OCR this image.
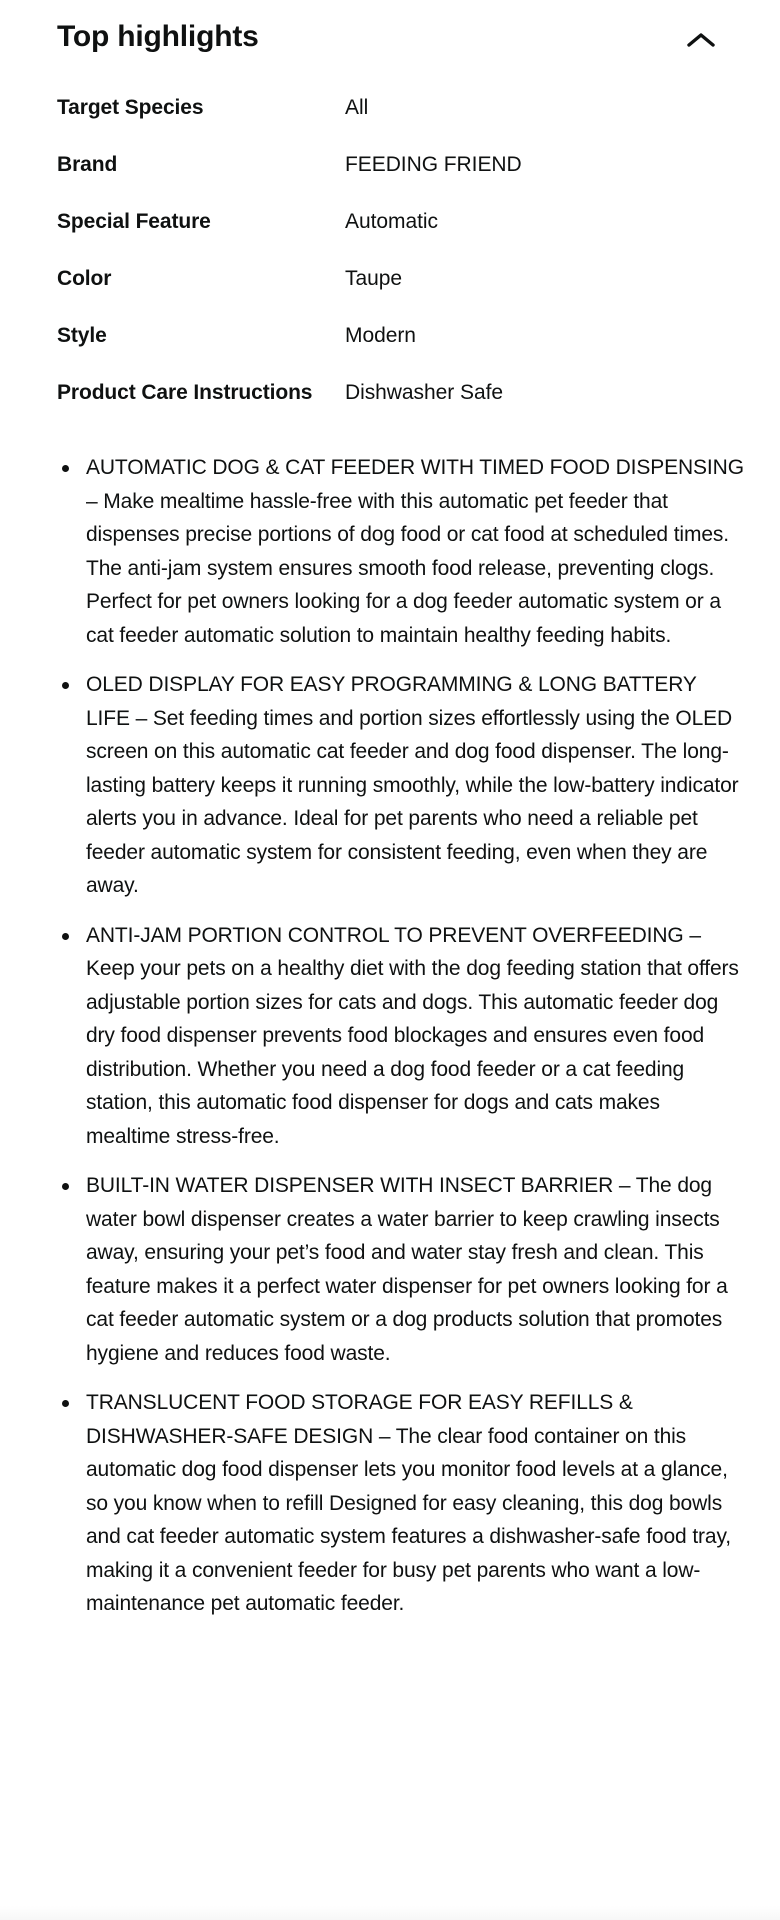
Top highlights
Target Species	All
Brand	FEEDING FRIEND
Special Feature	Automatic
Color	Taupe
Style	Modern
Product Care Instructions	Dishwasher Safe
AUTOMATIC DOG & CAT FEEDER WITH TIMED FOOD DISPENSING – Make mealtime hassle-free with this automatic pet feeder that dispenses precise portions of dog food or cat food at scheduled times. The anti-jam system ensures smooth food release, preventing clogs. Perfect for pet owners looking for a dog feeder automatic system or a cat feeder automatic solution to maintain healthy feeding habits.
OLED DISPLAY FOR EASY PROGRAMMING & LONG BATTERY LIFE – Set feeding times and portion sizes effortlessly using the OLED screen on this automatic cat feeder and dog food dispenser. The long-lasting battery keeps it running smoothly, while the low-battery indicator alerts you in advance. Ideal for pet parents who need a reliable pet feeder automatic system for consistent feeding, even when they are away.
ANTI-JAM PORTION CONTROL TO PREVENT OVERFEEDING – Keep your pets on a healthy diet with the dog feeding station that offers adjustable portion sizes for cats and dogs. This automatic feeder dog dry food dispenser prevents food blockages and ensures even food distribution. Whether you need a dog food feeder or a cat feeding station, this automatic food dispenser for dogs and cats makes mealtime stress-free.
BUILT-IN WATER DISPENSER WITH INSECT BARRIER – The dog water bowl dispenser creates a water barrier to keep crawling insects away, ensuring your pet’s food and water stay fresh and clean. This feature makes it a perfect water dispenser for pet owners looking for a cat feeder automatic system or a dog products solution that promotes hygiene and reduces food waste.
TRANSLUCENT FOOD STORAGE FOR EASY REFILLS & DISHWASHER-SAFE DESIGN – The clear food container on this automatic dog food dispenser lets you monitor food levels at a glance, so you know when to refill Designed for easy cleaning, this dog bowls and cat feeder automatic system features a dishwasher-safe food tray, making it a convenient feeder for busy pet parents who want a low-maintenance pet automatic feeder.
